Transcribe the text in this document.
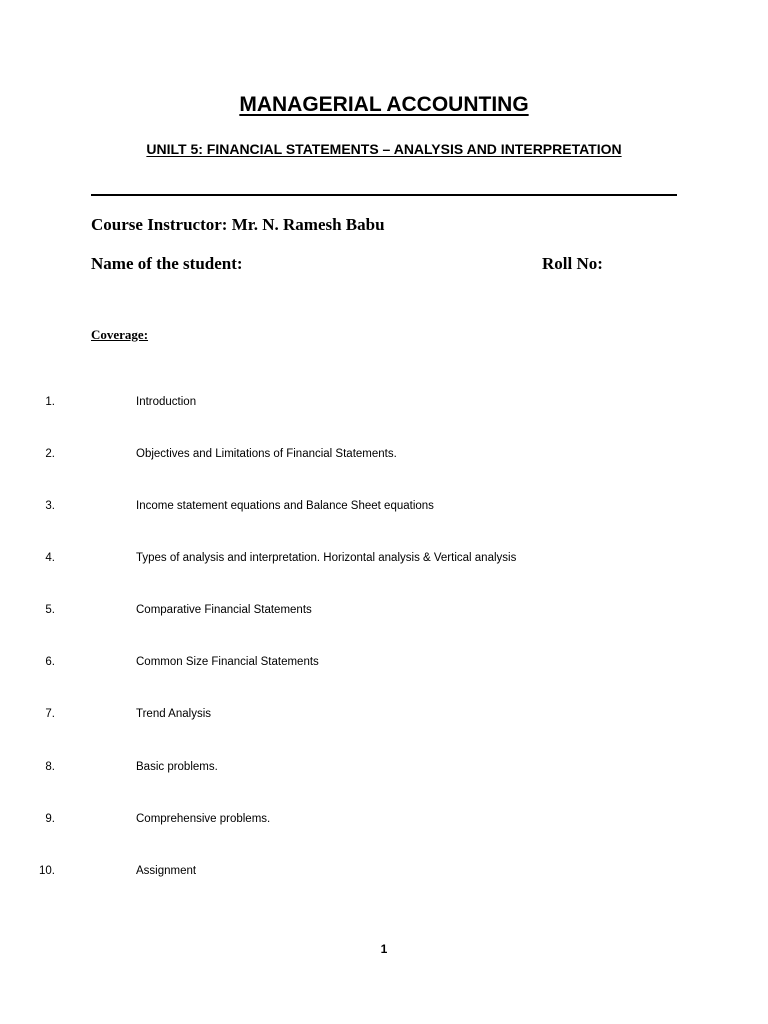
MANAGERIAL ACCOUNTING
UNILT 5: FINANCIAL STATEMENTS – ANALYSIS AND INTERPRETATION

Course Instructor: Mr. N. Ramesh Babu

Name of the student:	Roll No:

Coverage:

1.	Introduction
2.	Objectives and Limitations of Financial Statements.
3.	Income statement equations and Balance Sheet equations
4.	Types of analysis and interpretation. Horizontal analysis & Vertical analysis
5.	Comparative Financial Statements
6.	Common Size Financial Statements
7.	Trend Analysis
8.	Basic problems.
9.	Comprehensive problems.
10.	Assignment

1
